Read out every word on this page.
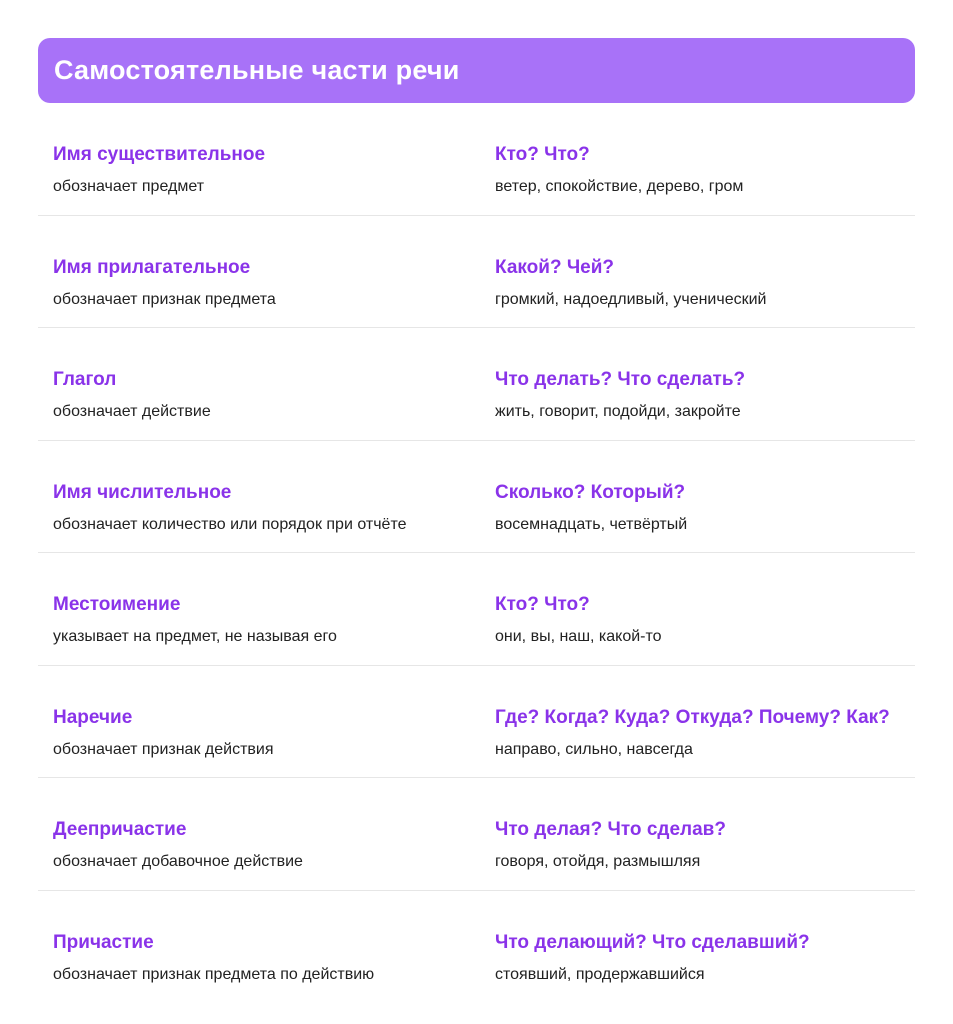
Самостоятельные части речи
Имя существительное
обозначает предмет
Кто? Что?
ветер, спокойствие, дерево, гром
Имя прилагательное
обозначает признак предмета
Какой? Чей?
громкий, надоедливый, ученический
Глагол
обозначает действие
Что делать? Что сделать?
жить, говорит, подойди, закройте
Имя числительное
обозначает количество или порядок при отчёте
Сколько? Который?
восемнадцать, четвёртый
Местоимение
указывает на предмет, не называя его
Кто? Что?
они, вы, наш, какой-то
Наречие
обозначает признак действия
Где? Когда? Куда? Откуда? Почему? Как?
направо, сильно, навсегда
Деепричастие
обозначает добавочное действие
Что делая? Что сделав?
говоря, отойдя, размышляя
Причастие
обозначает признак предмета по действию
Что делающий? Что сделавший?
стоявший, продержавшийся
